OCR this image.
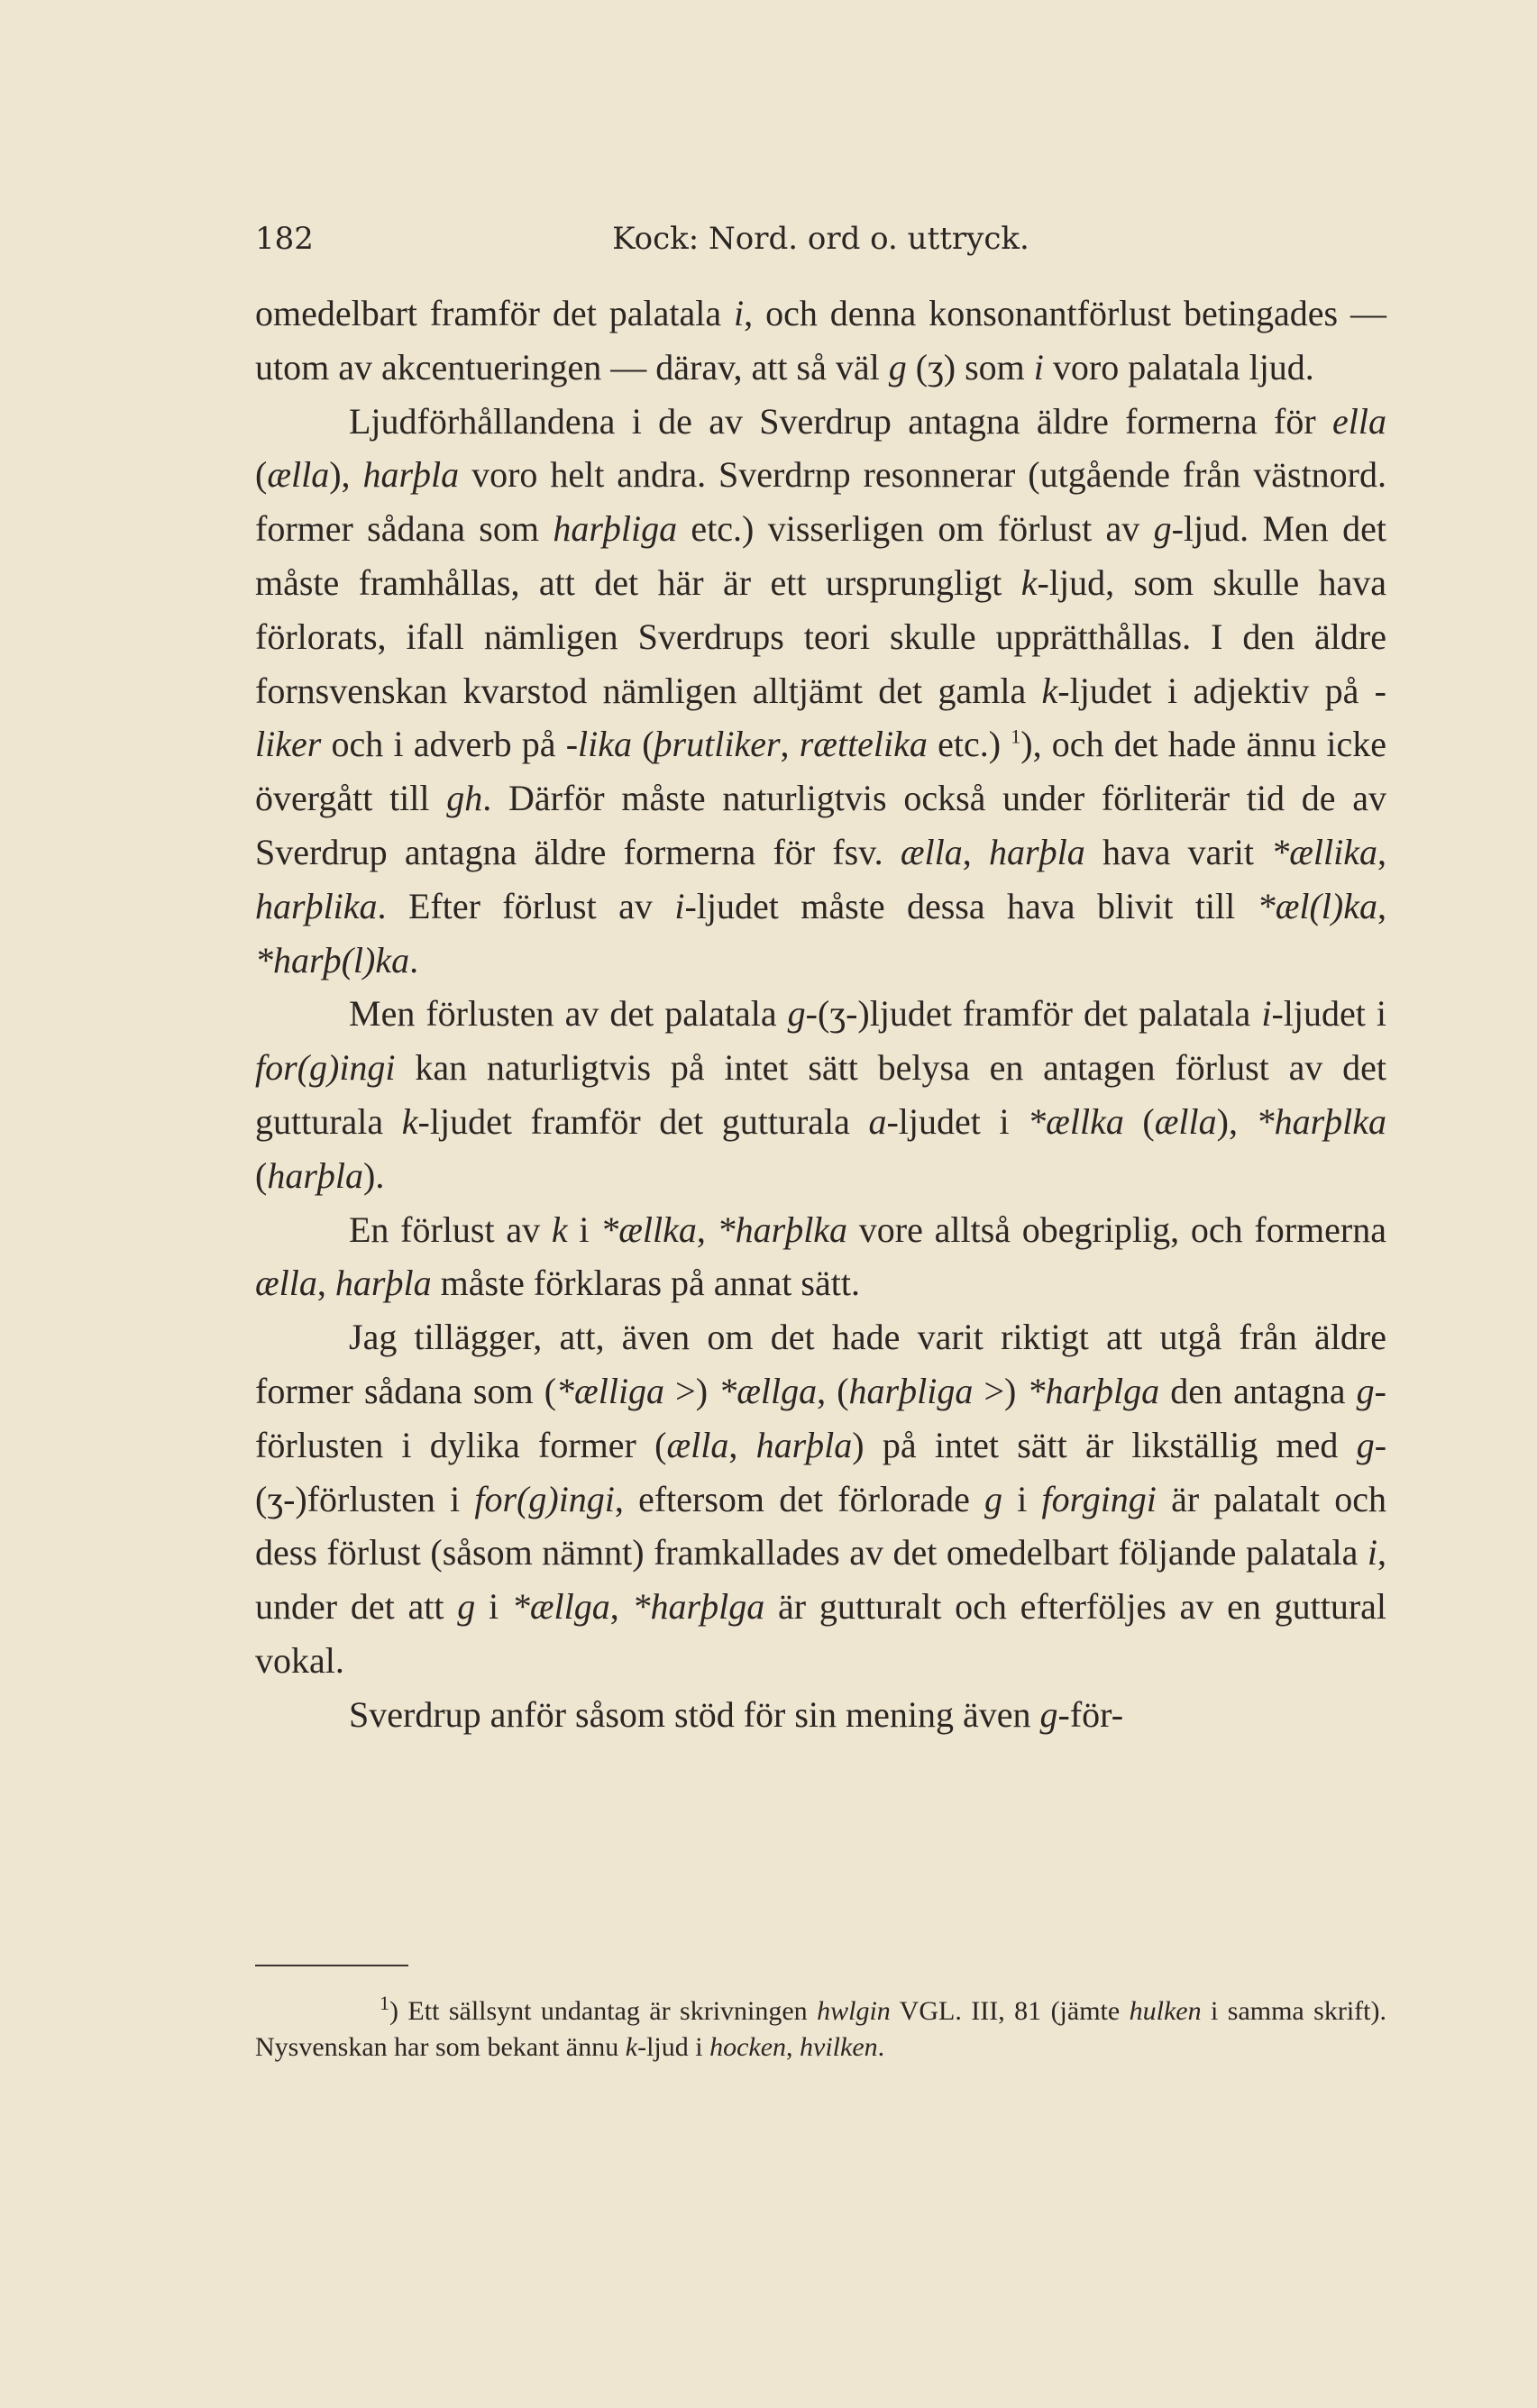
182	Kock: Nord. ord o. uttryck.

omedelbart framför det palatala i, och denna konsonantförlust betingades — utom av akcentueringen — därav, att så väl g (ʒ) som i voro palatala ljud.

Ljudförhållandena i de av Sverdrup antagna äldre formerna för ella (ælla), harþla voro helt andra. Sverdrnp resonnerar (utgående från västnord. former sådana som harþliga etc.) visserligen om förlust av g-ljud. Men det måste framhållas, att det här är ett ursprungligt k-ljud, som skulle hava förlorats, ifall nämligen Sverdrups teori skulle upprätthållas. I den äldre fornsvenskan kvarstod nämligen alltjämt det gamla k-ljudet i adjektiv på -liker och i adverb på -lika (þrutliker, rættelika etc.) $^1$), och det hade ännu icke övergått till gh. Därför måste naturligtvis också under förliterär tid de av Sverdrup antagna äldre formerna för fsv. ælla, harþla hava varit *ællika, harþlika. Efter förlust av i-ljudet måste dessa hava blivit till *æl(l)ka, *harþ(l)ka.

Men förlusten av det palatala g-(ʒ-)ljudet framför det palatala i-ljudet i for(g)ingi kan naturligtvis på intet sätt belysa en antagen förlust av det gutturala k-ljudet framför det gutturala a-ljudet i *ællka (ælla), *harþlka (harþla).

En förlust av k i *ællka, *harþlka vore alltså obegriplig, och formerna ælla, harþla måste förklaras på annat sätt.

Jag tillägger, att, även om det hade varit riktigt att utgå från äldre former sådana som (*ælliga >) *ællga, (harþliga >) *harþlga den antagna g-förlusten i dylika former (ælla, harþla) på intet sätt är likställig med g-(ʒ-)förlusten i for(g)ingi, eftersom det förlorade g i forgingi är palatalt och dess förlust (såsom nämnt) framkallades av det omedelbart följande palatala i, under det att g i *ællga, *harþlga är gutturalt och efterföljes av en guttural vokal.

Sverdrup anför såsom stöd för sin mening även g-för-

$^1$) Ett sällsynt undantag är skrivningen hwlgin VGL. III, 81 (jämte hulken i samma skrift). Nysvenskan har som bekant ännu k-ljud i hocken, hvilken.
